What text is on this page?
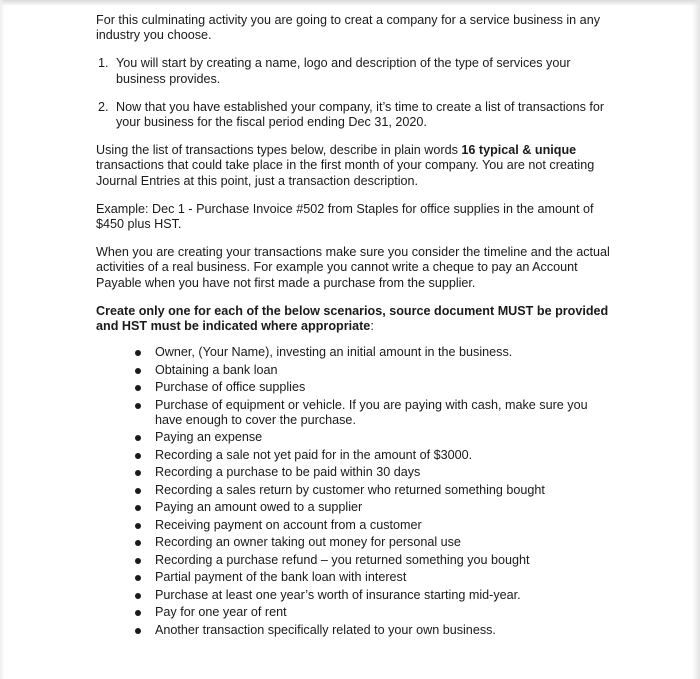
For this culminating activity you are going to creat a company for a service business in any industry you choose.

1. You will start by creating a name, logo and description of the type of services your business provides.
2. Now that you have established your company, it’s time to create a list of transactions for your business for the fiscal period ending Dec 31, 2020.

Using the list of transactions types below, describe in plain words 16 typical & unique transactions that could take place in the first month of your company. You are not creating Journal Entries at this point, just a transaction description.

Example: Dec 1 - Purchase Invoice #502 from Staples for office supplies in the amount of $450 plus HST.

When you are creating your transactions make sure you consider the timeline and the actual activities of a real business. For example you cannot write a cheque to pay an Account Payable when you have not first made a purchase from the supplier.

Create only one for each of the below scenarios, source document MUST be provided and HST must be indicated where appropriate:

Owner, (Your Name), investing an initial amount in the business.
Obtaining a bank loan
Purchase of office supplies
Purchase of equipment or vehicle. If you are paying with cash, make sure you have enough to cover the purchase.
Paying an expense
Recording a sale not yet paid for in the amount of $3000.
Recording a purchase to be paid within 30 days
Recording a sales return by customer who returned something bought
Paying an amount owed to a supplier
Receiving payment on account from a customer
Recording an owner taking out money for personal use
Recording a purchase refund – you returned something you bought
Partial payment of the bank loan with interest
Purchase at least one year’s worth of insurance starting mid-year.
Pay for one year of rent
Another transaction specifically related to your own business.
